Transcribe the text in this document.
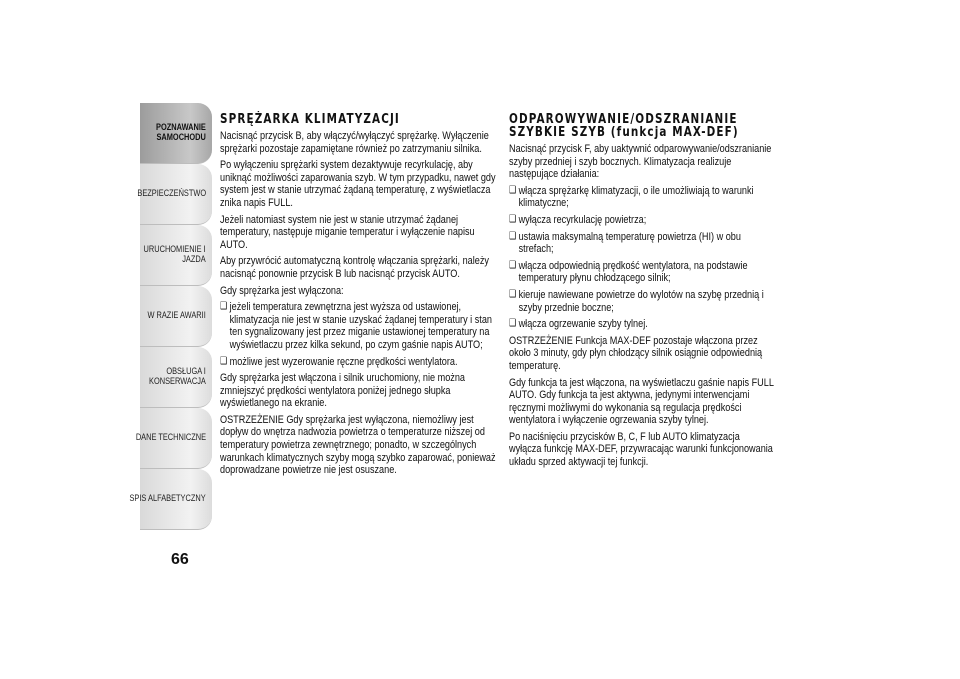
POZNAWANIE
SAMOCHODU
BEZPIECZEŃSTWO
URUCHOMIENIE I
JAZDA
W RAZIE AWARII
OBSŁUGA I
KONSERWACJA
DANE TECHNICZNE
SPIS ALFABETYCZNY
66
SPRĘŻARKA KLIMATYZACJI

Nacisnąć przycisk B, aby włączyć/wyłączyć sprężarkę. Wyłączenie sprężarki pozostaje zapamiętane również po zatrzymaniu silnika.

Po wyłączeniu sprężarki system dezaktywuje recyrkulację, aby uniknąć możliwości zaparowania szyb. W tym przypadku, nawet gdy system jest w stanie utrzymać żądaną temperaturę, z wyświetlacza znika napis FULL.

Jeżeli natomiast system nie jest w stanie utrzymać żądanej temperatury, następuje miganie temperatur i wyłączenie napisu AUTO.

Aby przywrócić automatyczną kontrolę włączania sprężarki, należy nacisnąć ponownie przycisk B lub nacisnąć przycisk AUTO.

Gdy sprężarka jest wyłączona:

❑ jeżeli temperatura zewnętrzna jest wyższa od ustawionej, klimatyzacja nie jest w stanie uzyskać żądanej temperatury i stan ten sygnalizowany jest przez miganie ustawionej temperatury na wyświetlaczu przez kilka sekund, po czym gaśnie napis AUTO;
❑ możliwe jest wyzerowanie ręczne prędkości wentylatora.

Gdy sprężarka jest włączona i silnik uruchomiony, nie można zmniejszyć prędkości wentylatora poniżej jednego słupka wyświetlanego na ekranie.

OSTRZEŻENIE Gdy sprężarka jest wyłączona, niemożliwy jest dopływ do wnętrza nadwozia powietrza o temperaturze niższej od temperatury powietrza zewnętrznego; ponadto, w szczególnych warunkach klimatycznych szyby mogą szybko zaparować, ponieważ doprowadzane powietrze nie jest osuszane.

ODPAROWYWANIE/ODSZRANIANIE SZYBKIE SZYB (funkcja MAX-DEF)

Nacisnąć przycisk F, aby uaktywnić odparowywanie/odszranianie szyby przedniej i szyb bocznych. Klimatyzacja realizuje następujące działania:

❑ włącza sprężarkę klimatyzacji, o ile umożliwiają to warunki klimatyczne;
❑ wyłącza recyrkulację powietrza;
❑ ustawia maksymalną temperaturę powietrza (HI) w obu strefach;
❑ włącza odpowiednią prędkość wentylatora, na podstawie temperatury płynu chłodzącego silnik;
❑ kieruje nawiewane powietrze do wylotów na szybę przednią i szyby przednie boczne;
❑ włącza ogrzewanie szyby tylnej.

OSTRZEŻENIE Funkcja MAX-DEF pozostaje włączona przez około 3 minuty, gdy płyn chłodzący silnik osiągnie odpowiednią temperaturę.

Gdy funkcja ta jest włączona, na wyświetlaczu gaśnie napis FULL AUTO. Gdy funkcja ta jest aktywna, jedynymi interwencjami ręcznymi możliwymi do wykonania są regulacja prędkości wentylatora i wyłączenie ogrzewania szyby tylnej.

Po naciśnięciu przycisków B, C, F lub AUTO klimatyzacja wyłącza funkcję MAX-DEF, przywracając warunki funkcjonowania układu sprzed aktywacji tej funkcji.
